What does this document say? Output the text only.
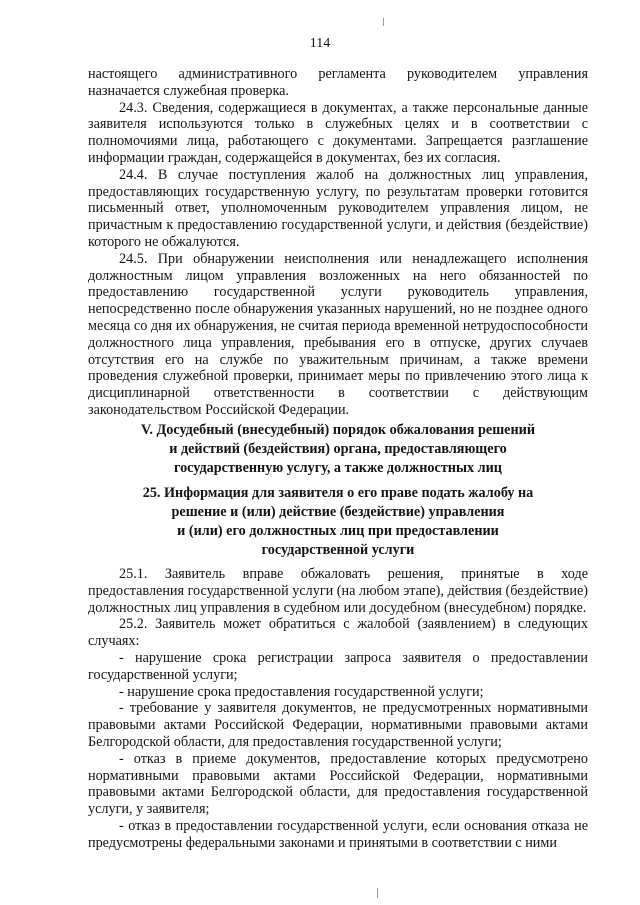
114

настоящего административного регламента руководителем управления назначается служебная проверка.

24.3. Сведения, содержащиеся в документах, а также персональные данные заявителя используются только в служебных целях и в соответствии с полномочиями лица, работающего с документами. Запрещается разглашение информации граждан, содержащейся в документах, без их согласия.

24.4. В случае поступления жалоб на должностных лиц управления, предоставляющих государственную услугу, по результатам проверки готовится письменный ответ, уполномоченным руководителем управления лицом, не причастным к предоставлению государственной услуги, и действия (бездействие) которого не обжалуются.

24.5. При обнаружении неисполнения или ненадлежащего исполнения должностным лицом управления возложенных на него обязанностей по предоставлению государственной услуги руководитель управления, непосредственно после обнаружения указанных нарушений, но не позднее одного месяца со дня их обнаружения, не считая периода временной нетрудоспособности должностного лица управления, пребывания его в отпуске, других случаев отсутствия его на службе по уважительным причинам, а также времени проведения служебной проверки, принимает меры по привлечению этого лица к дисциплинарной ответственности в соответствии с действующим законодательством Российской Федерации.

V. Досудебный (внесудебный) порядок обжалования решений
и действий (бездействия) органа, предоставляющего
государственную услугу, а также должностных лиц
25. Информация для заявителя о его праве подать жалобу на
решение и (или) действие (бездействие) управления
и (или) его должностных лиц при предоставлении
государственной услуги

25.1. Заявитель вправе обжаловать решения, принятые в ходе предоставления государственной услуги (на любом этапе), действия (бездействие) должностных лиц управления в судебном или досудебном (внесудебном) порядке.

25.2. Заявитель может обратиться с жалобой (заявлением) в следующих случаях:

- нарушение срока регистрации запроса заявителя о предоставлении государственной услуги;

- нарушение срока предоставления государственной услуги;

- требование у заявителя документов, не предусмотренных нормативными правовыми актами Российской Федерации, нормативными правовыми актами Белгородской области, для предоставления государственной услуги;

- отказ в приеме документов, предоставление которых предусмотрено нормативными правовыми актами Российской Федерации, нормативными правовыми актами Белгородской области, для предоставления государственной услуги, у заявителя;

- отказ в предоставлении государственной услуги, если основания отказа не предусмотрены федеральными законами и принятыми в соответствии с ними
